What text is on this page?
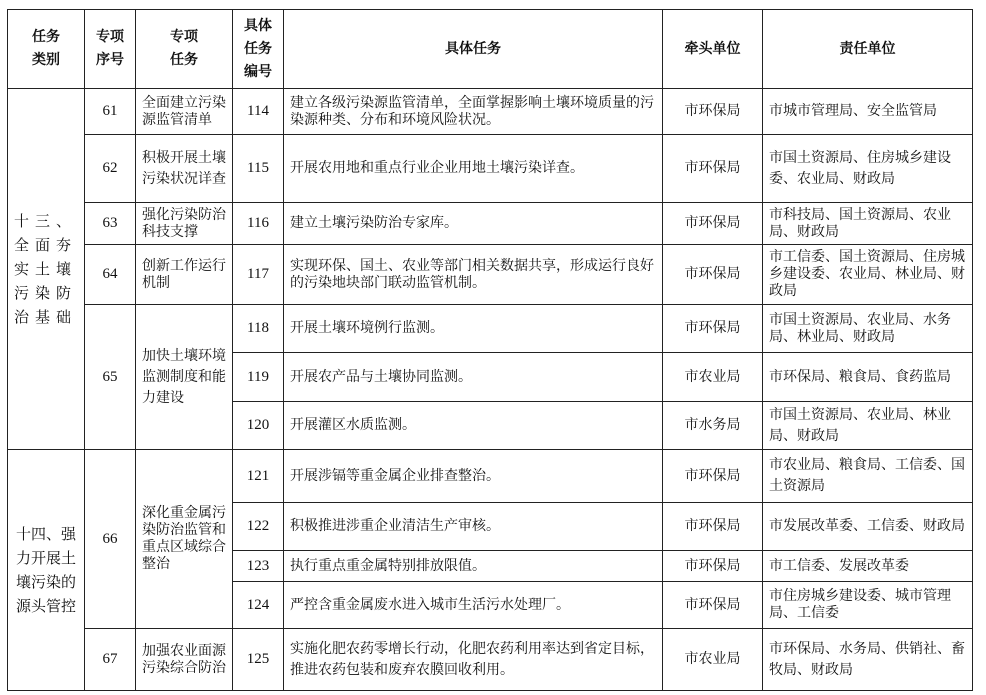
任务类别	专项序号	专项任务	具体任务编号	具体任务	牵头单位	责任单位
十三、全面夯实土壤污染防治基础	61	全面建立污染源监管清单	114	建立各级污染源监管清单，全面掌握影响土壤环境质量的污染源种类、分布和环境风险状况。	市环保局	市城市管理局、安全监管局
	62	积极开展土壤污染状况详查	115	开展农用地和重点行业企业用地土壤污染详查。	市环保局	市国土资源局、住房城乡建设委、农业局、财政局
	63	强化污染防治科技支撑	116	建立土壤污染防治专家库。	市环保局	市科技局、国土资源局、农业局、财政局
	64	创新工作运行机制	117	实现环保、国土、农业等部门相关数据共享，形成运行良好的污染地块部门联动监管机制。	市环保局	市工信委、国土资源局、住房城乡建设委、农业局、林业局、财政局
	65	加快土壤环境监测制度和能力建设	118	开展土壤环境例行监测。	市环保局	市国土资源局、农业局、水务局、林业局、财政局
			119	开展农产品与土壤协同监测。	市农业局	市环保局、粮食局、食药监局
			120	开展灌区水质监测。	市水务局	市国土资源局、农业局、林业局、财政局
十四、强力开展土壤污染的源头管控	66	深化重金属污染防治监管和重点区域综合整治	121	开展涉镉等重金属企业排查整治。	市环保局	市农业局、粮食局、工信委、国土资源局
			122	积极推进涉重企业清洁生产审核。	市环保局	市发展改革委、工信委、财政局
			123	执行重点重金属特别排放限值。	市环保局	市工信委、发展改革委
			124	严控含重金属废水进入城市生活污水处理厂。	市环保局	市住房城乡建设委、城市管理局、工信委
	67	加强农业面源污染综合防治	125	实施化肥农药零增长行动，化肥农药利用率达到省定目标，推进农药包装和废弃农膜回收利用。	市农业局	市环保局、水务局、供销社、畜牧局、财政局
